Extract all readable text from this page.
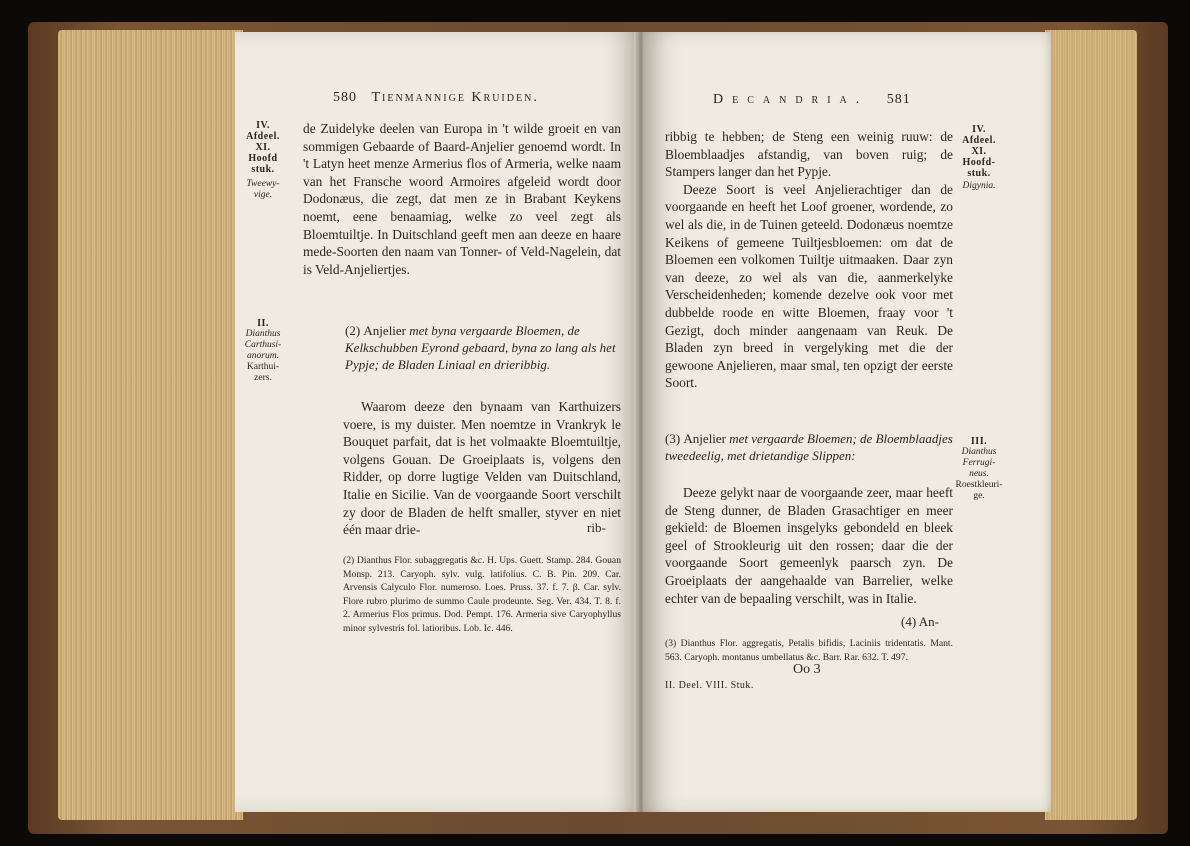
580 Tienmannige Kruiden.
IV.
Afdeel.
XI.
Hoofd
stuk.
Tweewy-
vige.

de Zuidelyke deelen van Europa in 't wilde groeit en van sommigen Gebaarde of Baard-Anjelier genoemd wordt. In 't Latyn heet menze Armerius flos of Armeria, welke naam van het Fransche woord Armoires afgeleid wordt door Dodonæus, die zegt, dat men ze in Brabant Keykens noemt, eene benaamiag, welke zo veel zegt als Bloemtuiltje. In Duitschland geeft men aan deeze en haare mede-Soorten den naam van Tonner- of Veld-Nagelein, dat is Veld-Anjeliertjes.

II.
Dianthus
Carthusi-
anorum.
Karthui-
zers.
(2) Anjelier met byna vergaarde Bloemen, de Kelkschubben Eyrond gebaard, byna zo lang als het Pypje; de Bladen Liniaal en drieribbig.

Waarom deeze den bynaam van Karthuizers voere, is my duister. Men noemtze in Vrankryk le Bouquet parfait, dat is het volmaakte Bloemtuiltje, volgens Gouan. De Groeiplaats is, volgens den Ridder, op dorre lugtige Velden van Duitschland, Italie en Sicilie. Van de voorgaande Soort verschilt zy door de Bladen de helft smaller, styver en niet één maar drie-	rib-
(2) Dianthus Flor. subaggregatis &c. H. Ups. Guett. Stamp. 284. Gouan Monsp. 213. Caryoph. sylv. vulg. latifolius. C. B. Pin. 209. Car. Arvensis Calyculo Flor. numeroso. Loes. Pruss. 37. f. 7. β. Car. sylv. Flore rubro plurimo de summo Caule prodeunte. Seg. Ver. 434. T. 8. f. 2. Armerius Flos primus. Dod. Pempt. 176. Armeria sive Caryophyllus minor sylvestris fol. latioribus. Lob. Ic. 446.
Decandria. 581

ribbig te hebben; de Steng een weinig ruuw: de Bloemblaadjes afstandig, van boven ruig; de Stampers langer dan het Pypje.

Deeze Soort is veel Anjelierachtiger dan de voorgaande en heeft het Loof groener, wordende, zo wel als die, in de Tuinen geteeld. Dodonæus noemtze Keikens of gemeene Tuiltjesbloemen: om dat de Bloemen een volkomen Tuiltje uitmaaken. Daar zyn van deeze, zo wel als van die, aanmerkelyke Verscheidenheden; komende dezelve ook voor met dubbelde roode en witte Bloemen, fraay voor 't Gezigt, doch minder aangenaam van Reuk. De Bladen zyn breed in vergelyking met die der gewoone Anjelieren, maar smal, ten opzigt der eerste Soort.

IV.
Afdeel.
XI.
Hoofd-
stuk.
Digynia.
(3) Anjelier met vergaarde Bloemen; de Bloemblaadjes tweedeelig, met drietandige Slippen:
III.
Dianthus
Ferrugi-
neus.
Roestkleuri-
ge.

Deeze gelykt naar de voorgaande zeer, maar heeft de Steng dunner, de Bladen Grasachtiger en meer gekield: de Bloemen insgelyks gebondeld en bleek geel of Strookleurig uit den rossen; daar die der voorgaande Soort gemeenlyk paarsch zyn. De Groeiplaats der aangehaalde van Barrelier, welke echter van de bepaaling verschilt, was in Italie.

(4) An-
(3) Dianthus Flor. aggregatis, Petalis bifidis, Laciniis tridentatis. Mant. 563. Caryoph. montanus umbellatus &c. Barr. Rar. 632. T. 497.
Oo 3
II. Deel. VIII. Stuk.
